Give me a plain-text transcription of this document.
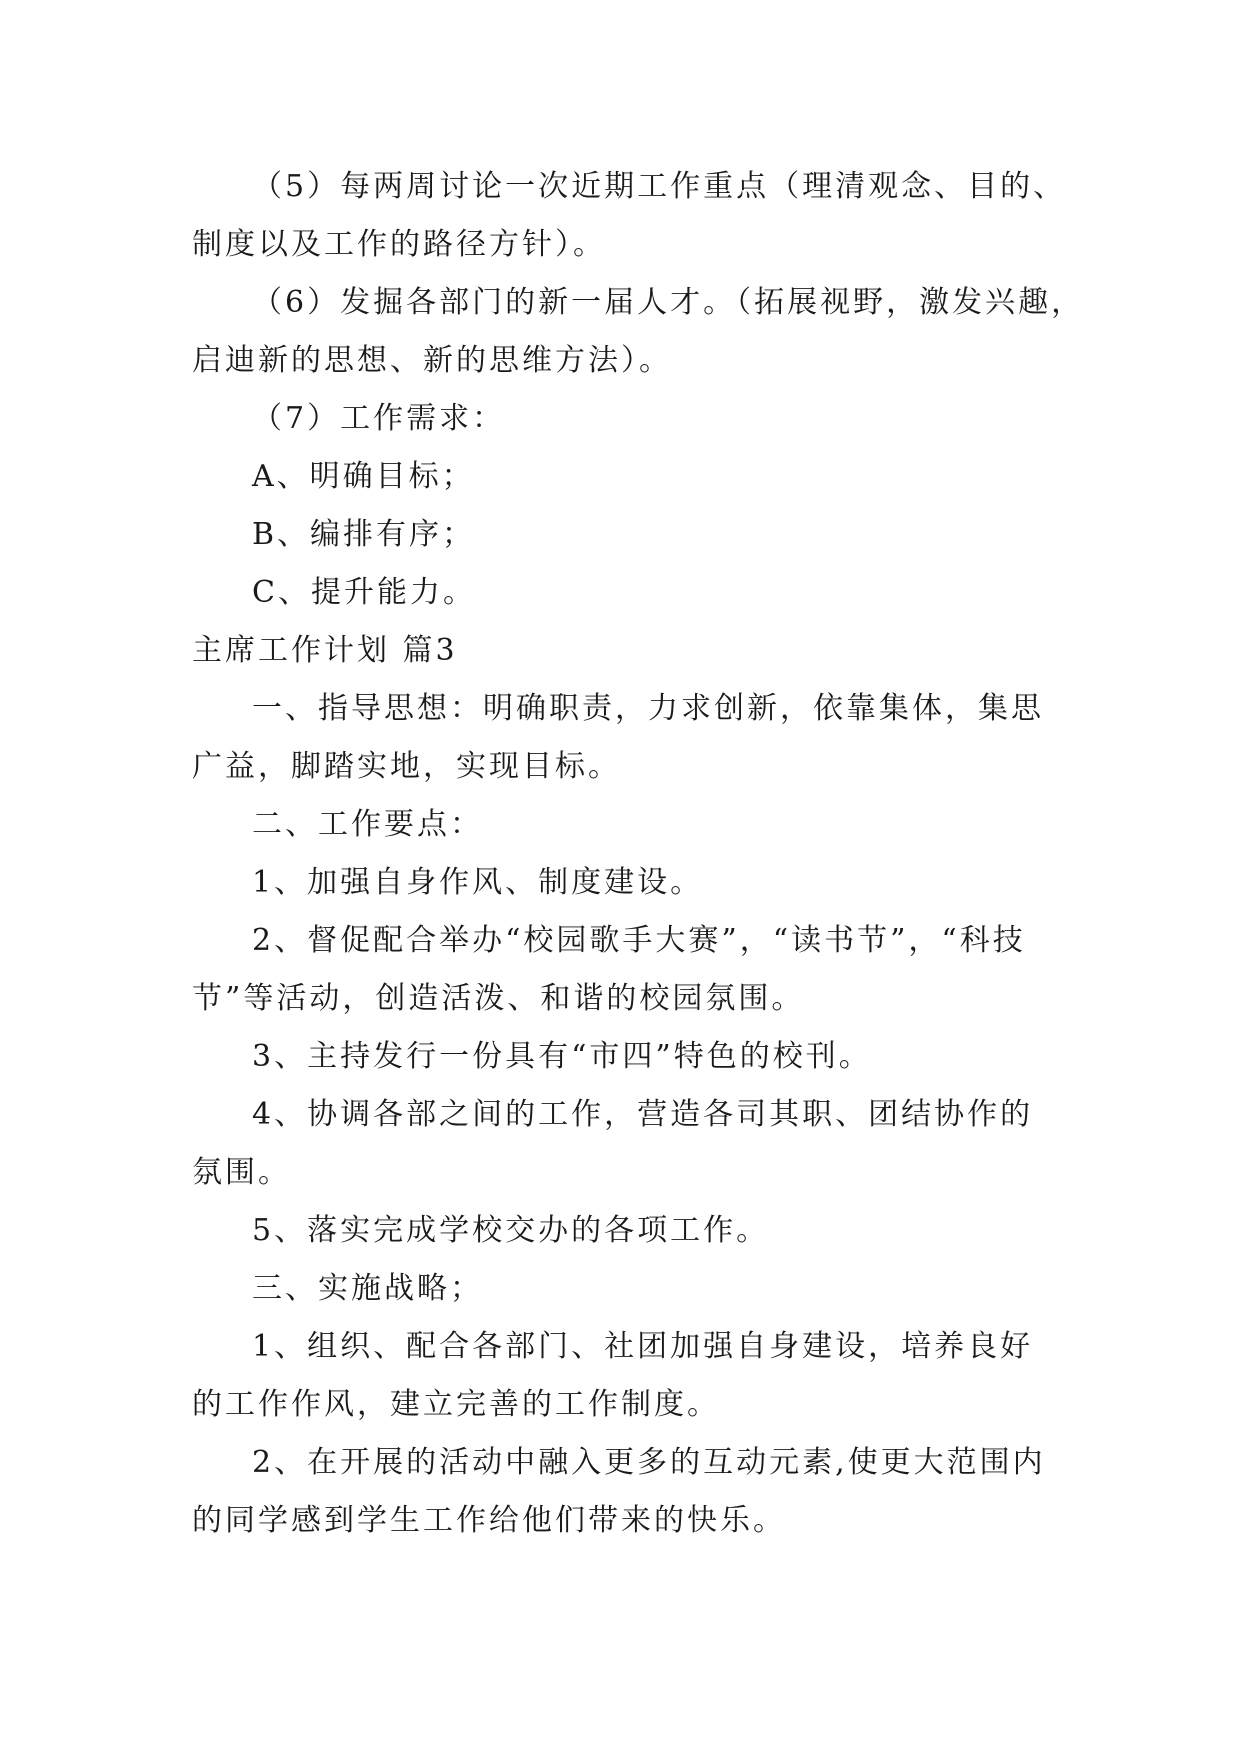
（5）每两周讨论一次近期工作重点（理清观念、目的、
制度以及工作的路径方针）。
（6）发掘各部门的新一届人才。（拓展视野，激发兴趣，
启迪新的思想、新的思维方法）。
（7）工作需求：
A、明确目标；
B、编排有序；
C、提升能力。
主席工作计划 篇3
一、指导思想：明确职责，力求创新，依靠集体，集思
广益，脚踏实地，实现目标。
二、工作要点：
1、加强自身作风、制度建设。
2、督促配合举办“校园歌手大赛”，“读书节”，“科技
节”等活动，创造活泼、和谐的校园氛围。
3、主持发行一份具有“市四”特色的校刊。
4、协调各部之间的工作，营造各司其职、团结协作的
氛围。
5、落实完成学校交办的各项工作。
三、实施战略；
1、组织、配合各部门、社团加强自身建设，培养良好
的工作作风，建立完善的工作制度。
2、在开展的活动中融入更多的互动元素,使更大范围内
的同学感到学生工作给他们带来的快乐。
